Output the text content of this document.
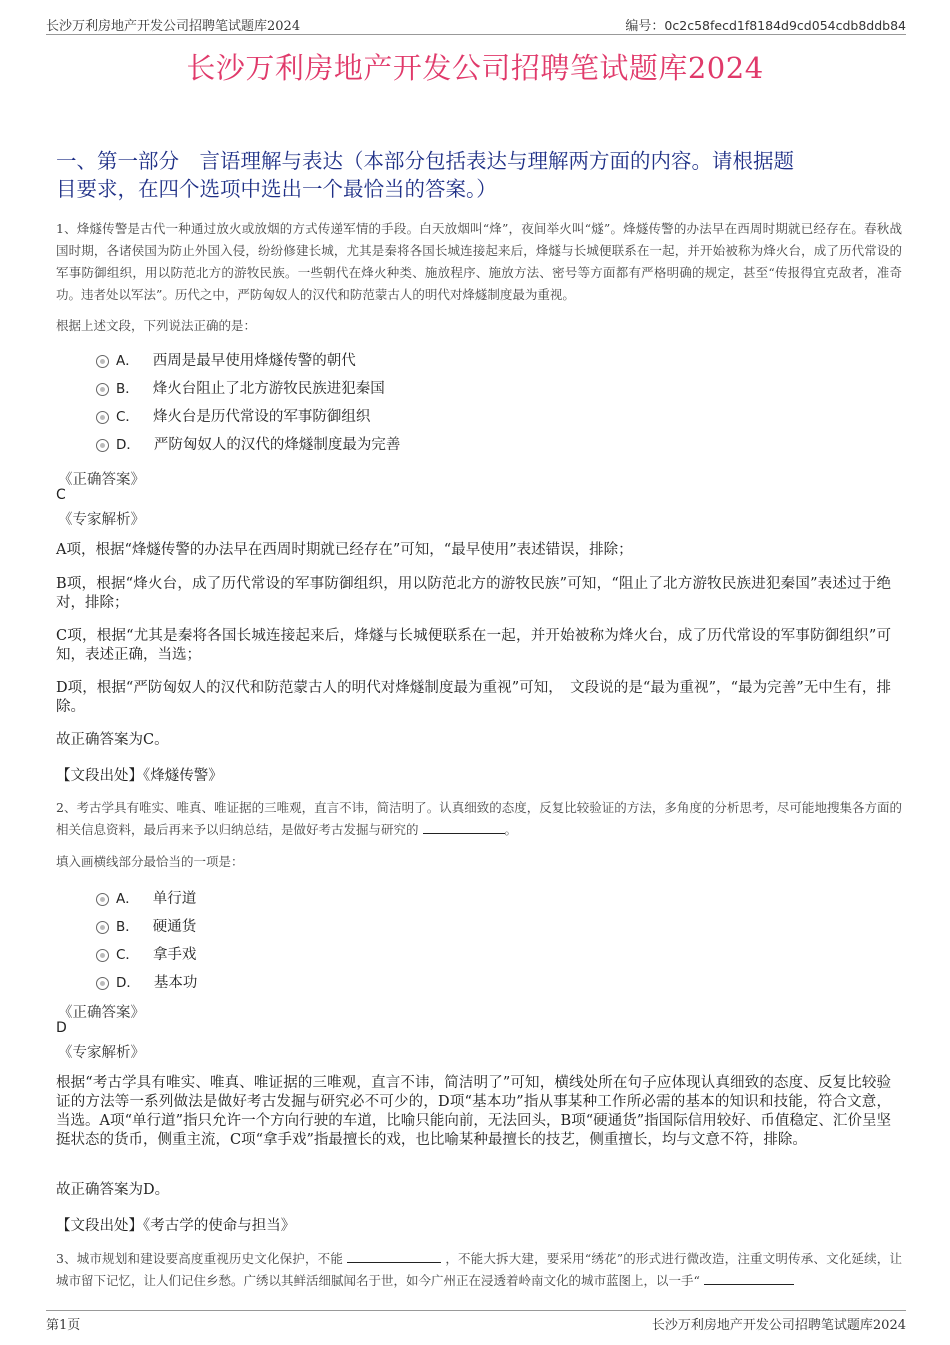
长沙万利房地产开发公司招聘笔试题库2024	编号：0c2c58fecd1f8184d9cd054cdb8ddb84
长沙万利房地产开发公司招聘笔试题库2024
一、第一部分　言语理解与表达（本部分包括表达与理解两方面的内容。请根据题
目要求，在四个选项中选出一个最恰当的答案。）
1、烽燧传警是古代一种通过放火或放烟的方式传递军情的手段。白天放烟叫“烽”，夜间举火叫“燧”。烽燧传警的办法早在西周时期就已经存在。春秋战国时期，各诸侯国为防止外国入侵，纷纷修建长城，尤其是秦将各国长城连接起来后，烽燧与长城便联系在一起，并开始被称为烽火台，成了历代常设的军事防御组织，用以防范北方的游牧民族。一些朝代在烽火种类、施放程序、施放方法、密号等方面都有严格明确的规定，甚至“传报得宜克敌者，准奇功。违者处以军法”。历代之中，严防匈奴人的汉代和防范蒙古人的明代对烽燧制度最为重视。
根据上述文段，下列说法正确的是：
A． 西周是最早使用烽燧传警的朝代
B． 烽火台阻止了北方游牧民族进犯秦国
C． 烽火台是历代常设的军事防御组织
D． 严防匈奴人的汉代的烽燧制度最为完善
《正确答案》
C
《专家解析》
A项，根据“烽燧传警的办法早在西周时期就已经存在”可知，“最早使用”表述错误，排除；
B项，根据“烽火台，成了历代常设的军事防御组织，用以防范北方的游牧民族”可知，“阻止了北方游牧民族进犯秦国”表述过于绝对，排除；
C项，根据“尤其是秦将各国长城连接起来后，烽燧与长城便联系在一起，并开始被称为烽火台，成了历代常设的军事防御组织”可知，表述正确，当选；
D项，根据“严防匈奴人的汉代和防范蒙古人的明代对烽燧制度最为重视”可知，　文段说的是“最为重视”，“最为完善”无中生有，排除。
故正确答案为C。
【文段出处】《烽燧传警》
2、考古学具有唯实、唯真、唯证据的三唯观，直言不讳，简洁明了。认真细致的态度，反复比较验证的方法，多角度的分析思考，尽可能地搜集各方面的相关信息资料，最后再来予以归纳总结，是做好考古发掘与研究的	。
填入画横线部分最恰当的一项是：
A． 单行道
B． 硬通货
C． 拿手戏
D． 基本功
《正确答案》
D
《专家解析》
根据“考古学具有唯实、唯真、唯证据的三唯观，直言不讳，简洁明了”可知，横线处所在句子应体现认真细致的态度、反复比较验证的方法等一系列做法是做好考古发掘与研究必不可少的，D项“基本功”指从事某种工作所必需的基本的知识和技能，符合文意，当选。A项“单行道”指只允许一个方向行驶的车道，比喻只能向前，无法回头，B项“硬通货”指国际信用较好、币值稳定、汇价呈坚挺状态的货币，侧重主流，C项“拿手戏”指最擅长的戏，也比喻某种最擅长的技艺，侧重擅长，均与文意不符，排除。
故正确答案为D。
【文段出处】《考古学的使命与担当》
3、城市规划和建设要高度重视历史文化保护，不能	，不能大拆大建，要采用“绣花”的形式进行微改造，注重文明传承、文化延续，让城市留下记忆，让人们记住乡愁。广绣以其鲜活细腻闻名于世，如今广州正在浸透着岭南文化的城市蓝图上，以一手“
第1页	长沙万利房地产开发公司招聘笔试题库2024
